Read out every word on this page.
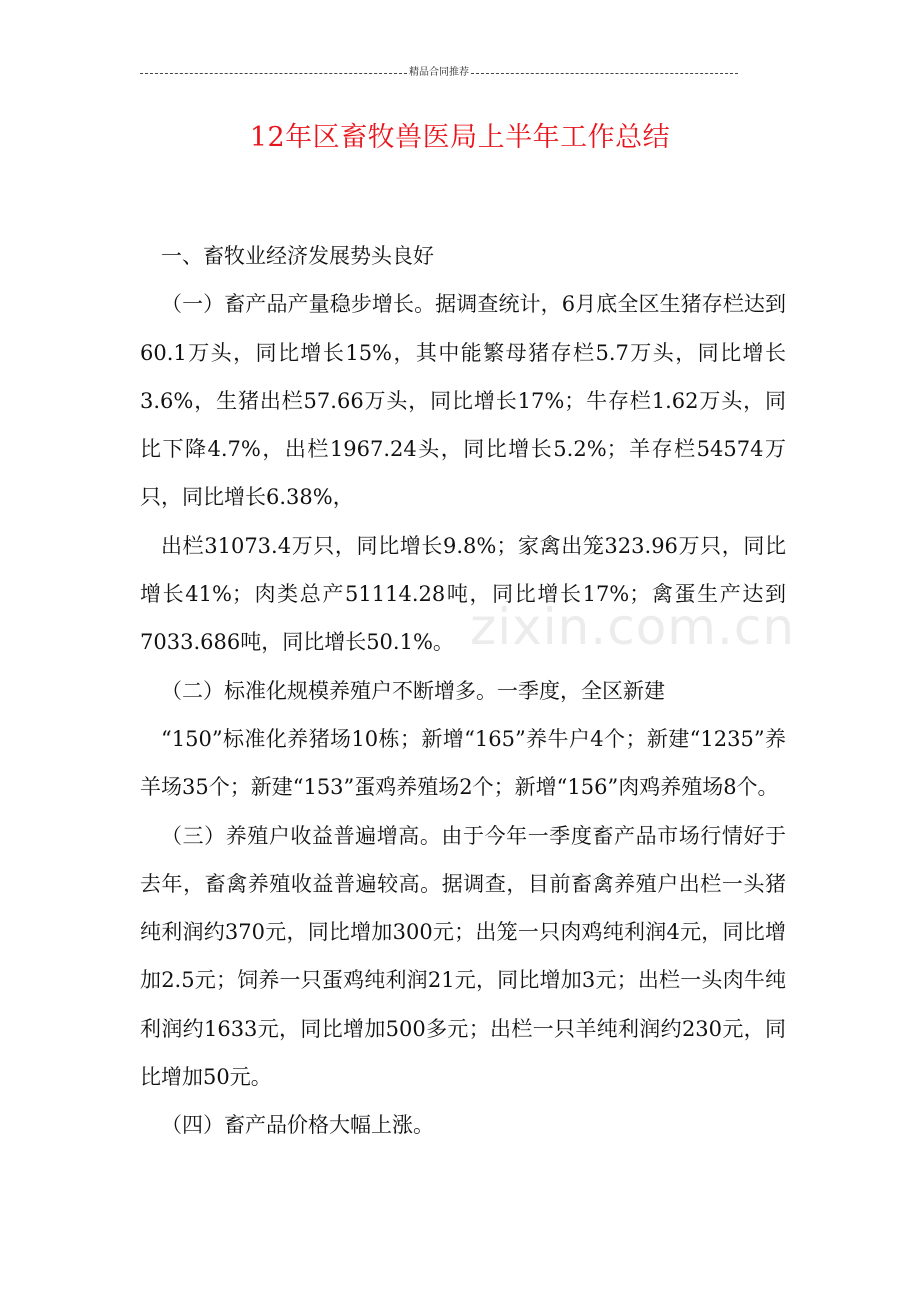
精品合同推荐
12年区畜牧兽医局上半年工作总结
zixin.com.cn

一、畜牧业经济发展势头良好

（一）畜产品产量稳步增长。据调查统计，6月底全区生猪存栏达到60.1万头，同比增长15%，其中能繁母猪存栏5.7万头，同比增长3.6%，生猪出栏57.66万头，同比增长17%；牛存栏1.62万头，同比下降4.7%，出栏1967.24头，同比增长5.2%；羊存栏54574万只，同比增长6.38%，

出栏31073.4万只，同比增长9.8%；家禽出笼323.96万只，同比增长41%；肉类总产51114.28吨，同比增长17%；禽蛋生产达到7033.686吨，同比增长50.1%。

（二）标准化规模养殖户不断增多。一季度，全区新建

“150”标准化养猪场10栋；新增“165”养牛户4个；新建“1235”养羊场35个；新建“153”蛋鸡养殖场2个；新增“156”肉鸡养殖场8个。

（三）养殖户收益普遍增高。由于今年一季度畜产品市场行情好于去年，畜禽养殖收益普遍较高。据调查，目前畜禽养殖户出栏一头猪纯利润约370元，同比增加300元；出笼一只肉鸡纯利润4元，同比增加2.5元；饲养一只蛋鸡纯利润21元，同比增加3元；出栏一头肉牛纯利润约1633元，同比增加500多元；出栏一只羊纯利润约230元，同比增加50元。

（四）畜产品价格大幅上涨。
